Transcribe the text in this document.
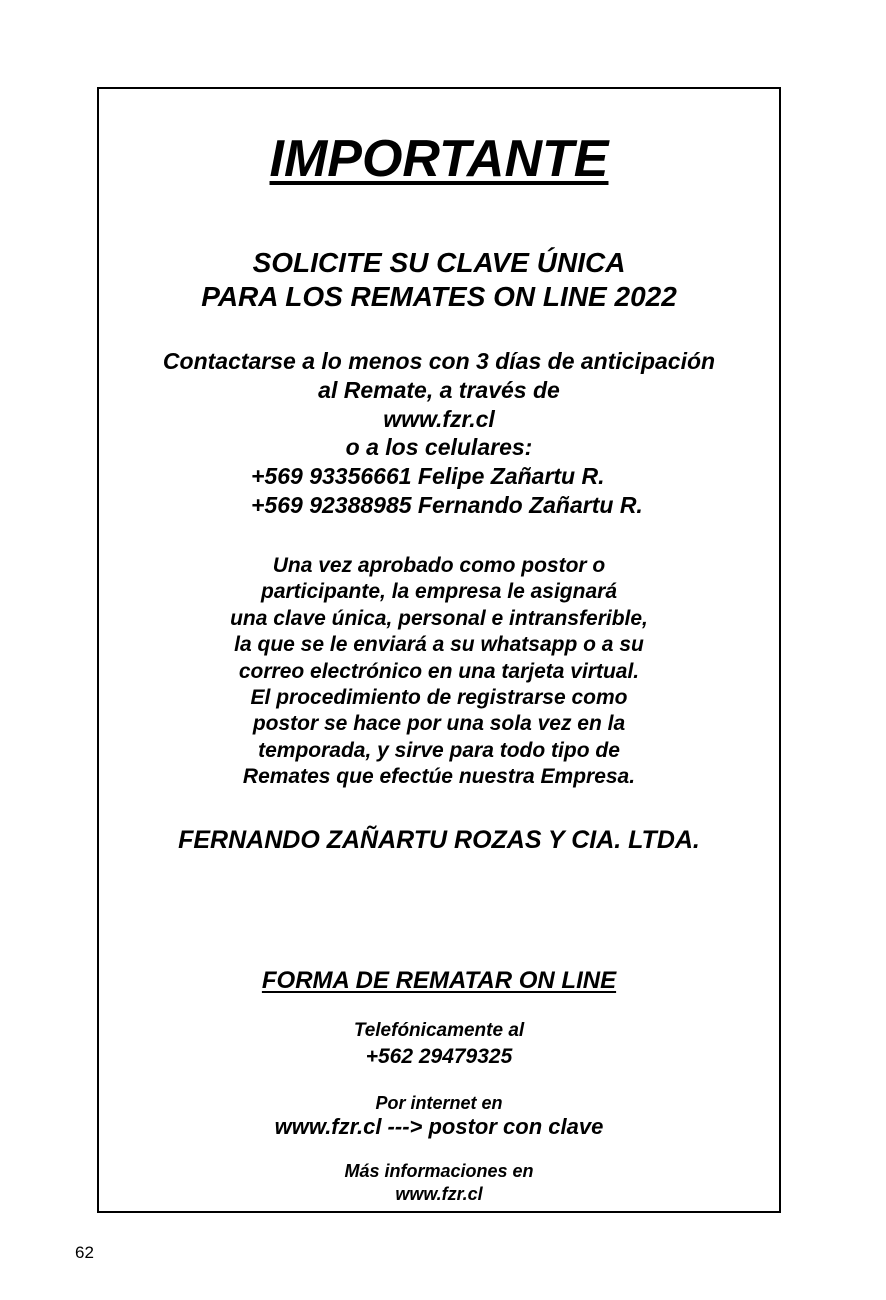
IMPORTANTE

SOLICITE SU CLAVE ÚNICA

PARA LOS REMATES ON LINE 2022

Contactarse a lo menos con 3 días de anticipación

al Remate, a través de

www.fzr.cl

o a los celulares:

+569 93356661 Felipe Zañartu R.

+569 92388985 Fernando Zañartu R.

Una vez aprobado como postor o

participante, la empresa le asignará

una clave única, personal e intransferible,

la que se le enviará a su whatsapp o a su

correo electrónico en una tarjeta virtual.

El procedimiento de registrarse como

postor se hace por una sola vez en la

temporada, y sirve para todo tipo de

Remates que efectúe nuestra Empresa.

FERNANDO ZAÑARTU ROZAS Y CIA. LTDA.

FORMA DE REMATAR ON LINE

Telefónicamente al

+562 29479325

Por internet en

www.fzr.cl ---> postor con clave

Más informaciones en

www.fzr.cl

62
